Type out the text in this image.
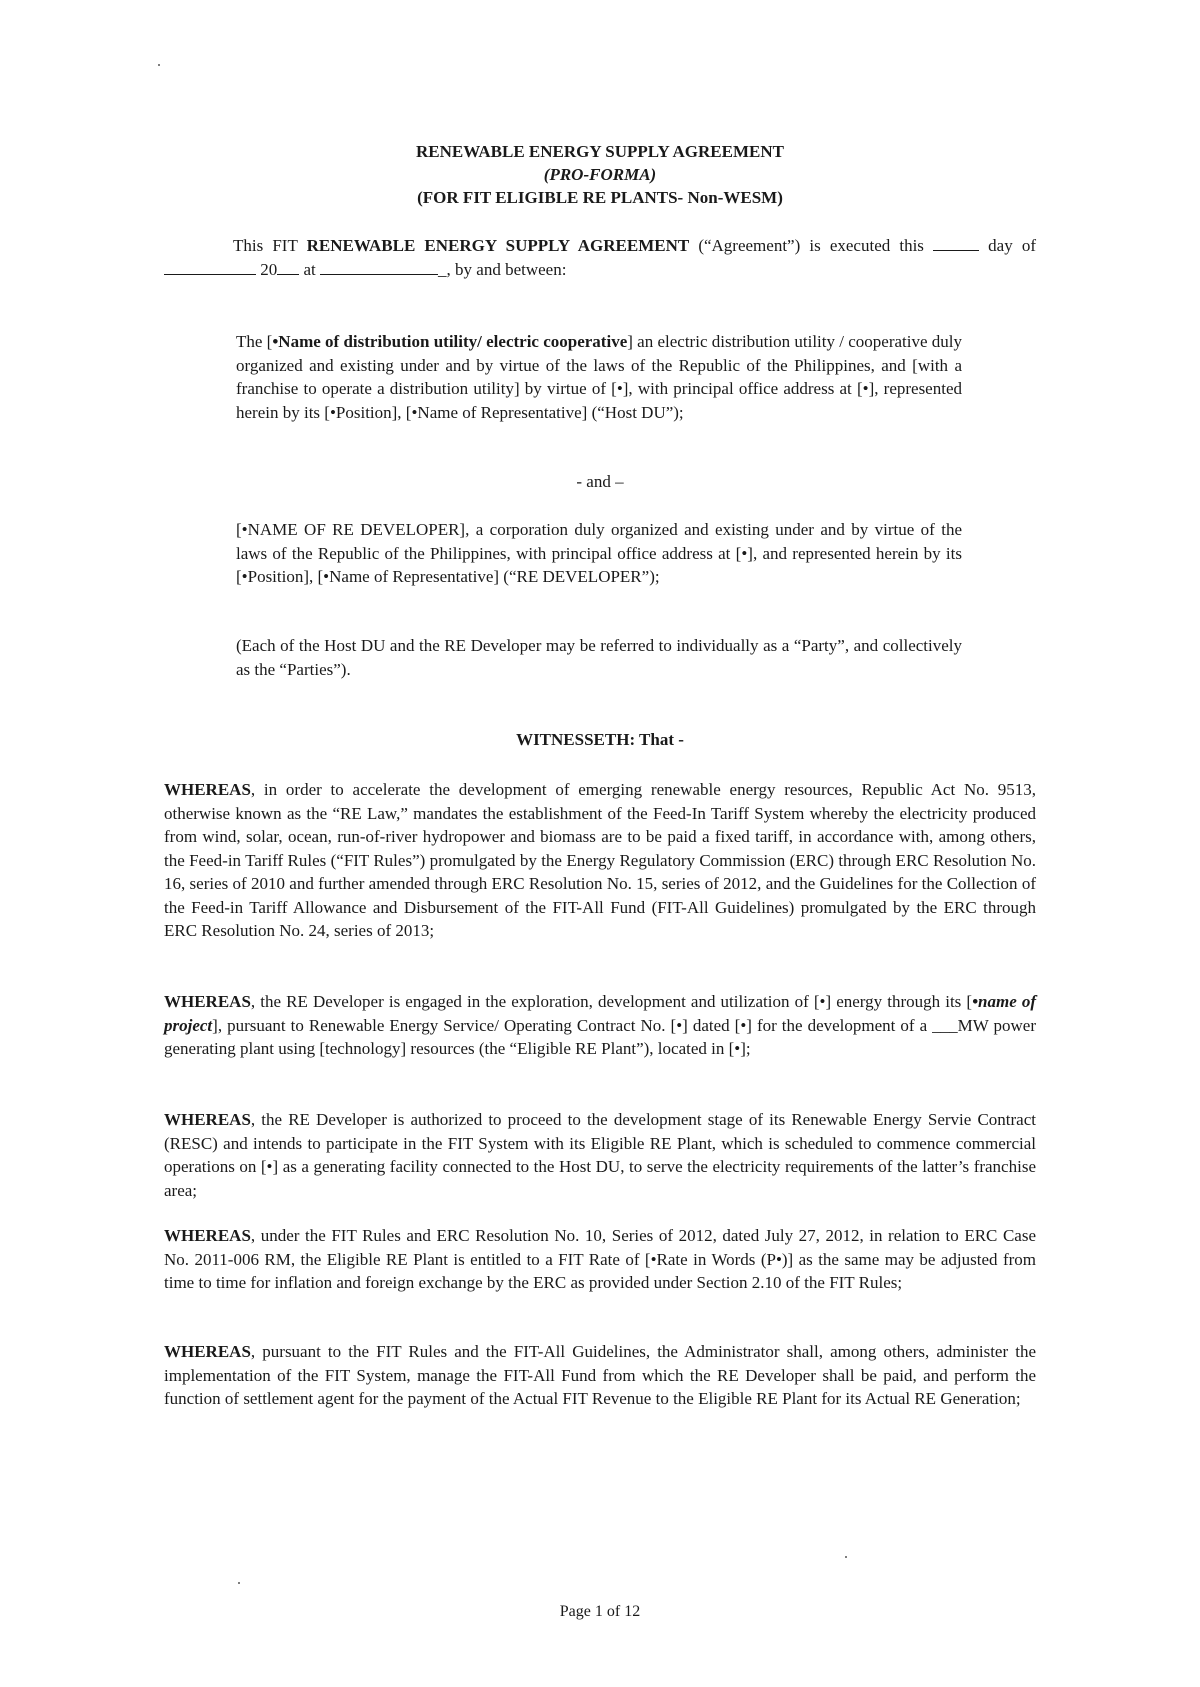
RENEWABLE ENERGY SUPPLY AGREEMENT
(PRO-FORMA)
(FOR FIT ELIGIBLE RE PLANTS- Non-WESM)
This FIT RENEWABLE ENERGY SUPPLY AGREEMENT (“Agreement”) is executed this	day of  20 at	_, by and between:
The [•Name of distribution utility/ electric cooperative] an electric distribution utility / cooperative duly organized and existing under and by virtue of the laws of the Republic of the Philippines, and [with a franchise to operate a distribution utility] by virtue of [•], with principal office address at [•], represented herein by its [•Position], [•Name of Representative] (“Host DU”);
- and –
[•NAME OF RE DEVELOPER], a corporation duly organized and existing under and by virtue of the laws of the Republic of the Philippines, with principal office address at [•], and represented herein by its [•Position], [•Name of Representative] (“RE DEVELOPER”);
(Each of the Host DU and the RE Developer may be referred to individually as a “Party”, and collectively as the “Parties”).
WITNESSETH: That -
WHEREAS, in order to accelerate the development of emerging renewable energy resources, Republic Act No. 9513, otherwise known as the “RE Law,” mandates the establishment of the Feed-In Tariff System whereby the electricity produced from wind, solar, ocean, run-of-river hydropower and biomass are to be paid a fixed tariff, in accordance with, among others, the Feed-in Tariff Rules (“FIT Rules”) promulgated by the Energy Regulatory Commission (ERC) through ERC Resolution No. 16, series of 2010 and further amended through ERC Resolution No. 15, series of 2012, and the Guidelines for the Collection of the Feed-in Tariff Allowance and Disbursement of the FIT-All Fund (FIT-All Guidelines) promulgated by the ERC through ERC Resolution No. 24, series of 2013;
WHEREAS, the RE Developer is engaged in the exploration, development and utilization of [•] energy through its [•name of project], pursuant to Renewable Energy Service/ Operating Contract No. [•] dated [•] for the development of a ___MW power generating plant using [technology] resources (the “Eligible RE Plant”), located in [•];
WHEREAS, the RE Developer is authorized to proceed to the development stage of its Renewable Energy Servie Contract (RESC) and intends to participate in the FIT System with its Eligible RE Plant, which is scheduled to commence commercial operations on [•] as a generating facility connected to the Host DU, to serve the electricity requirements of the latter’s franchise area;
WHEREAS, under the FIT Rules and ERC Resolution No. 10, Series of 2012, dated July 27, 2012, in relation to ERC Case No. 2011-006 RM, the Eligible RE Plant is entitled to a FIT Rate of [•Rate in Words (P•)] as the same may be adjusted from time to time for inflation and foreign exchange by the ERC as provided under Section 2.10 of the FIT Rules;
WHEREAS, pursuant to the FIT Rules and the FIT-All Guidelines, the Administrator shall, among others, administer the implementation of the FIT System, manage the FIT-All Fund from which the RE Developer shall be paid, and perform the function of settlement agent for the payment of the Actual FIT Revenue to the Eligible RE Plant for its Actual RE Generation;
Page 1 of 12
